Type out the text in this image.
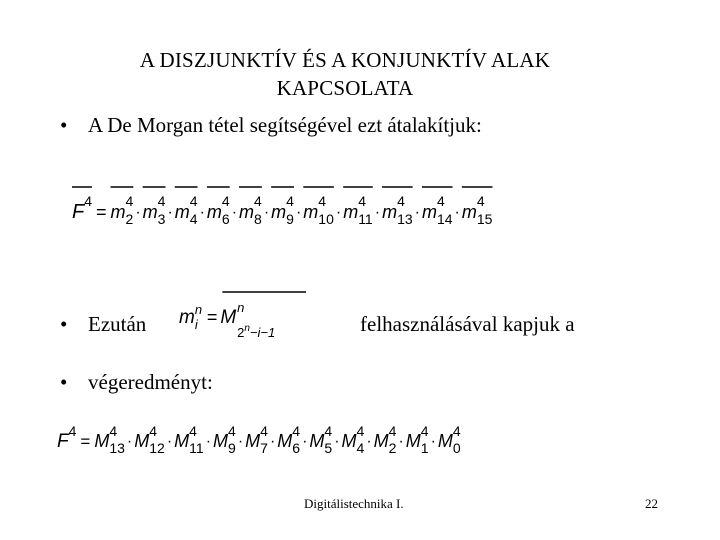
A DISZJUNKTÍV ÉS A KONJUNKTÍV ALAK
KAPCSOLATA
• A De Morgan tétel segítségével ezt átalakítjuk:
• Ezután	felhasználásával kapjuk a
• végeredményt:
F 4
= m
4
2 · m
4
3 · m
4
4 · m
4
6 · m
4
8 · m
4
9 · m
4
10 · m
4
11 · m
4
13 · m
4
14 · m
4
15
m n
i = M n
2 n −i−1
F 4
= M 4
13 · M 4
12 · M 4
11 · M 4
9 · M 4
7 · M 4
6 · M 4
5 · M 4
4 · M 4
2 · M 4
1 · M 4
0
Digitálistechnika I.	22
